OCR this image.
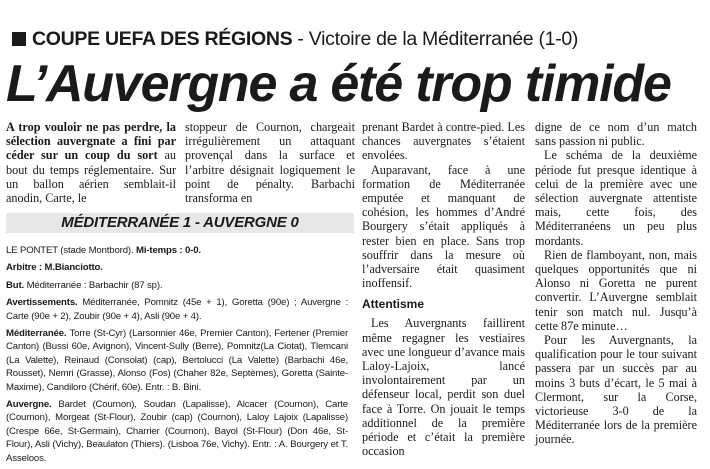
COUPE UEFA DES RÉGIONS - Victoire de la Méditerranée (1-0)
L’Auvergne a été trop timide

A trop vouloir ne pas perdre, la sélection auvergnate a fini par céder sur un coup du sort au bout du temps réglementaire. Sur un ballon aérien semblait-il anodin, Carte, le

stoppeur de Cournon, chargeait irrégulièrement un attaquant provençal dans la surface et l’arbitre désignait logiquement le point de pénalty. Barbachi transforma en

MÉDITERRANÉE 1 - AUVERGNE 0

LE PONTET (stade Montbord). Mi-temps : 0-0.

Arbitre : M.Bianciotto.

But. Méditerranée : Barbachir (87 sp).

Avertissements. Méditerranée, Pomnitz (45e + 1), Goretta (90e) ; Auvergne : Carte (90e + 2), Zoubir (90e + 4), Asli (90e + 4).

Méditerranée. Torre (St-Cyr) (Larsonnier 46e, Premier Canton), Fertener (Premier Canton) (Bussi 60e, Avignon), Vincent-Sully (Berre), Pomnitz(La Ciotat), Tlemcani (La Valette), Reinaud (Consolat) (cap), Bertolucci (La Valette) (Barbachi 46e, Rousset), Nemri (Grasse), Alonso (Fos) (Chaher 82e, Septèmes), Goretta (Sainte-Maxime), Candiloro (Chérif, 60e). Entr. : B. Bini.

Auvergne. Bardet (Cournon), Soudan (Lapalisse), Alcacer (Cournon), Carte (Cournon), Morgeat (St-Flour), Zoubir (cap) (Cournon), Laloy Lajoix (Lapalisse) (Crespe 66e, St-Germain), Charrier (Cournon), Bayol (St-Flour) (Don 46e, St-Flour), Asli (Vichy), Beaulaton (Thiers). (Lisboa 76e, Vichy). Entr. : A. Bourgery et T. Asseloos.

prenant Bardet à contre-pied. Les chances auvergnates s’étaient envolées.

Auparavant, face à une formation de Méditerranée emputée et manquant de cohésion, les hommes d’André Bourgery s’était appliqués à rester bien en place. Sans trop souffrir dans la mesure où l’adversaire était quasiment inoffensif.

Attentisme

Les Auvergnants faillirent même regagner les vestiaires avec une longueur d’avance mais Laloy-Lajoix, lancé involontairement par un défenseur local, perdit son duel face à Torre. On jouait le temps additionnel de la première période et c’était la première occasion

digne de ce nom d’un match sans passion ni public.

Le schéma de la deuxième période fut presque identique à celui de la première avec une sélection auvergnate attentiste mais, cette fois, des Méditerranéens un peu plus mordants.

Rien de flamboyant, non, mais quelques opportunités que ni Alonso ni Goretta ne purent convertir. L’Auvergne semblait tenir son match nul. Jusqu’à cette 87e minute…

Pour les Auvergnants, la qualification pour le tour suivant passera par un succès par au moins 3 buts d’écart, le 5 mai à Clermont, sur la Corse, victorieuse 3-0 de la Méditerranée lors de la première journée.
